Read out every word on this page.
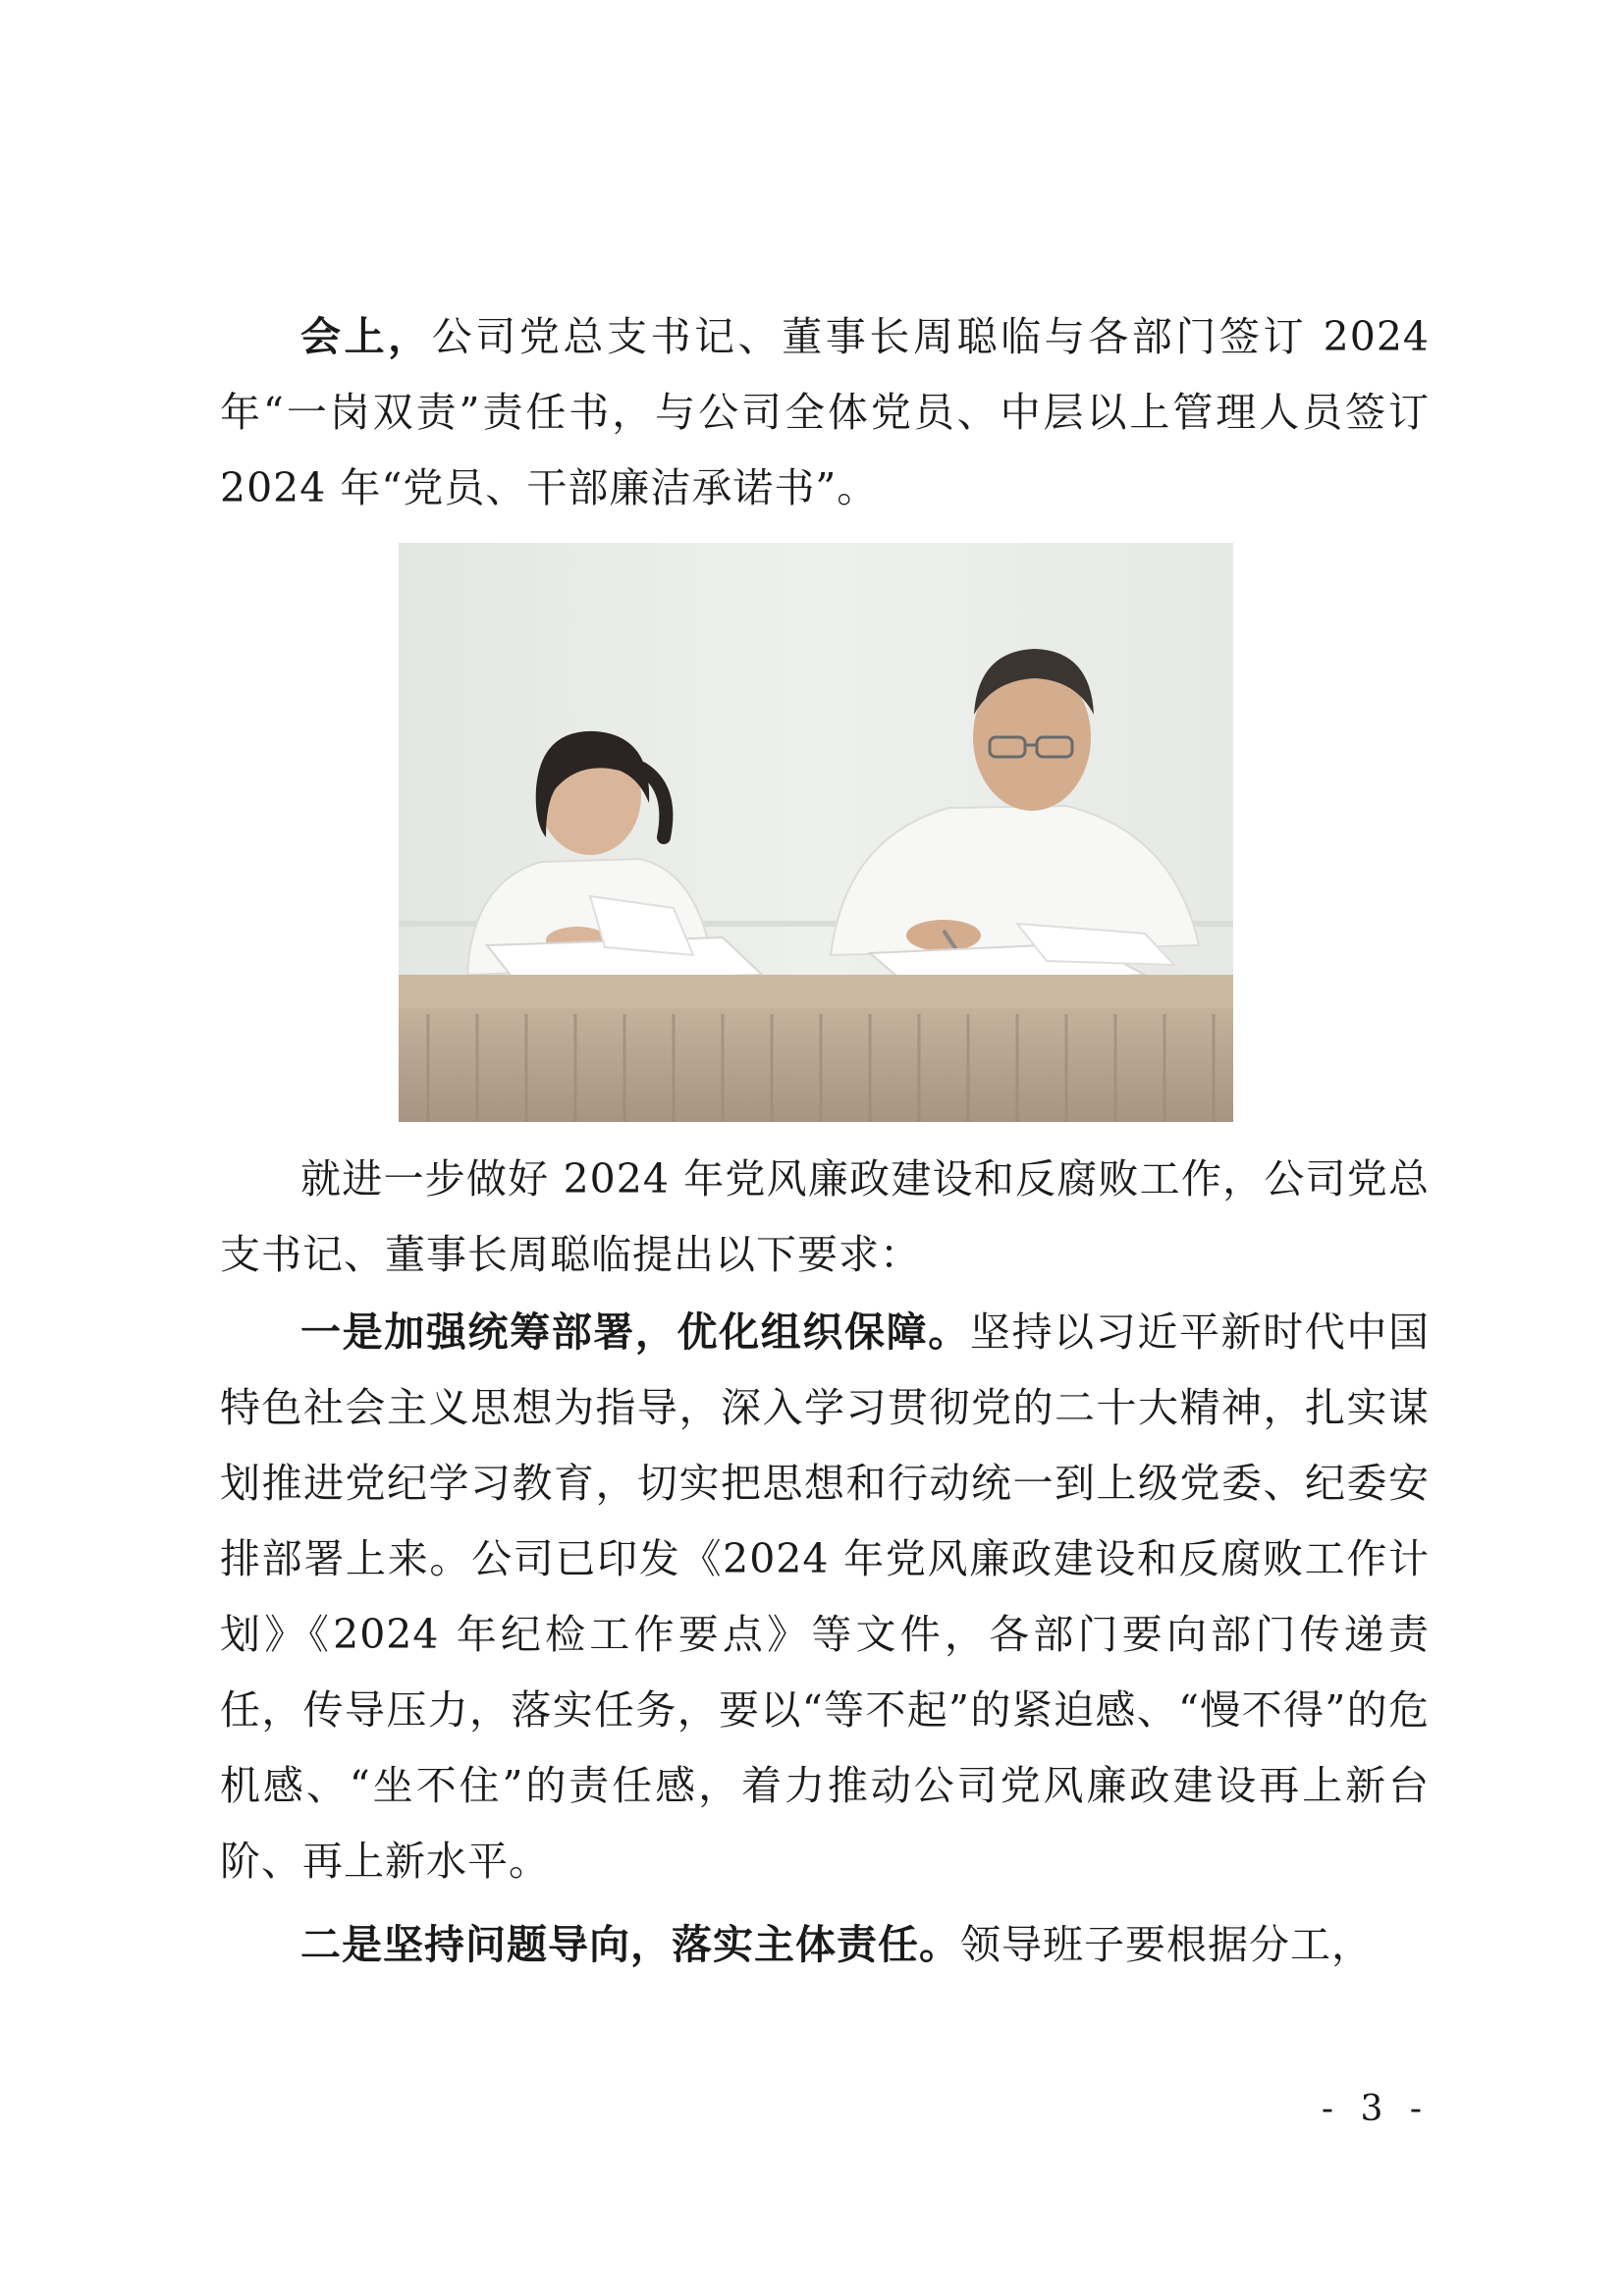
会上，公司党总支书记、董事长周聪临与各部门签订 2024 年“一岗双责”责任书，与公司全体党员、中层以上管理人员签订 2024 年“党员、干部廉洁承诺书”。

就进一步做好 2024 年党风廉政建设和反腐败工作，公司党总支书记、董事长周聪临提出以下要求：

一是加强统筹部署，优化组织保障。坚持以习近平新时代中国特色社会主义思想为指导，深入学习贯彻党的二十大精神，扎实谋划推进党纪学习教育，切实把思想和行动统一到上级党委、纪委安排部署上来。公司已印发《2024 年党风廉政建设和反腐败工作计划》《2024 年纪检工作要点》等文件，各部门要向部门传递责任，传导压力，落实任务，要以“等不起”的紧迫感、“慢不得”的危机感、“坐不住”的责任感，着力推动公司党风廉政建设再上新台阶、再上新水平。

二是坚持问题导向，落实主体责任。领导班子要根据分工，

- 3 -
